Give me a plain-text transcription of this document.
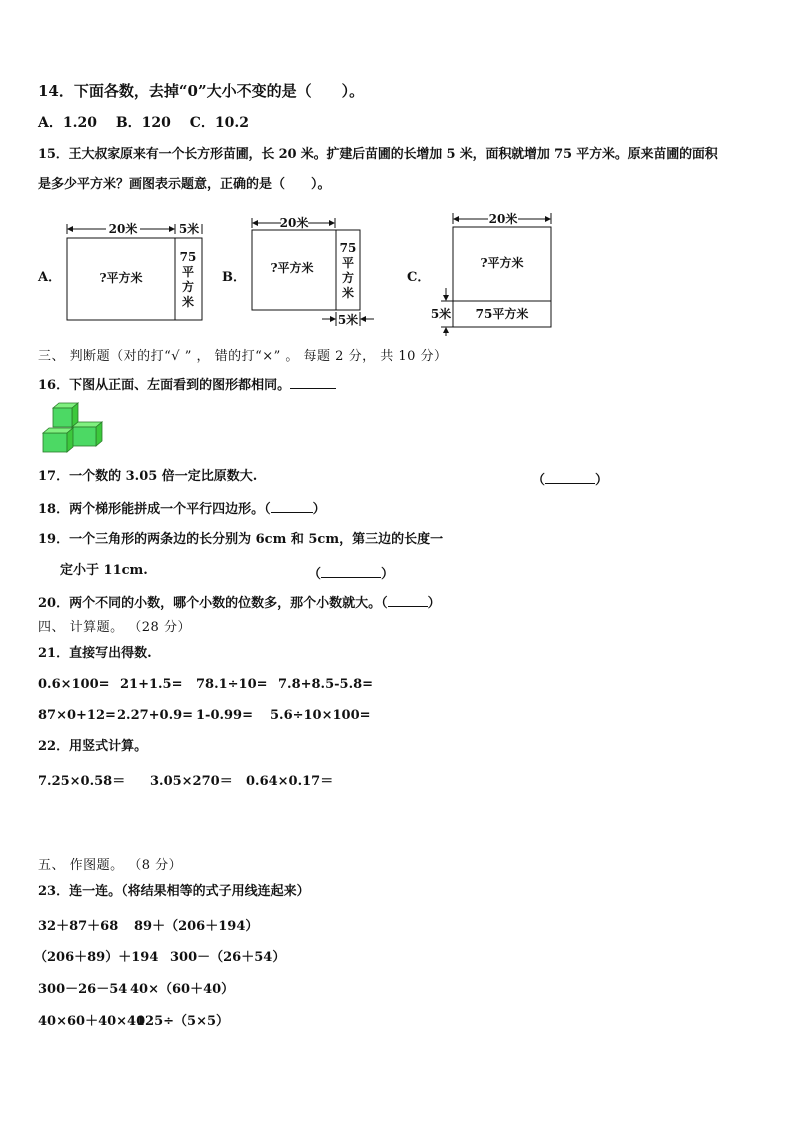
14．下面各数，去掉“0”大小不变的是（　　）。
A．1.20　 B．120　 C．10.2
15．王大叔家原来有一个长方形苗圃，长 20 米。扩建后苗圃的长增加 5 米，面积就增加 75 平方米。原来苗圃的面积
是多少平方米？画图表示题意，正确的是（　　）。
A．	B．	C．
20米	5米
?平方米
75
平
方
米
20米
?平方米
75
平
方
米
5米
20米
?平方米
75平方米
5米
三、 判断题（对的打“√ ” ， 错的打“×” 。 每题 2 分， 共 10 分）
16．下图从正面、左面看到的图形都相同。
17．一个数的 3.05 倍一定比原数大.	（	）
18．两个梯形能拼成一个平行四边形。（	）
19．一个三角形的两条边的长分别为 6cm 和 5cm，第三边的长度一
定小于 11cm.	（	）
20．两个不同的小数，哪个小数的位数多，那个小数就大。（	）
四、 计算题。 （28 分）
21．直接写出得数.
0.6×100= 21+1.5= 78.1÷10= 7.8+8.5-5.8=
87×0+12=2.27+0.9= 1-0.99= 5.6÷10×100=
22．用竖式计算。
7.25×0.58＝ 3.05×270＝ 0.64×0.17＝
五、 作图题。 （8 分）
23．连一连。（将结果相等的式子用线连起来）
32＋87＋68 89＋（206＋194）
（206＋89）＋194 300－（26＋54）
300－26－54 40×（60＋40）
40×60＋40×40125÷（5×5）
